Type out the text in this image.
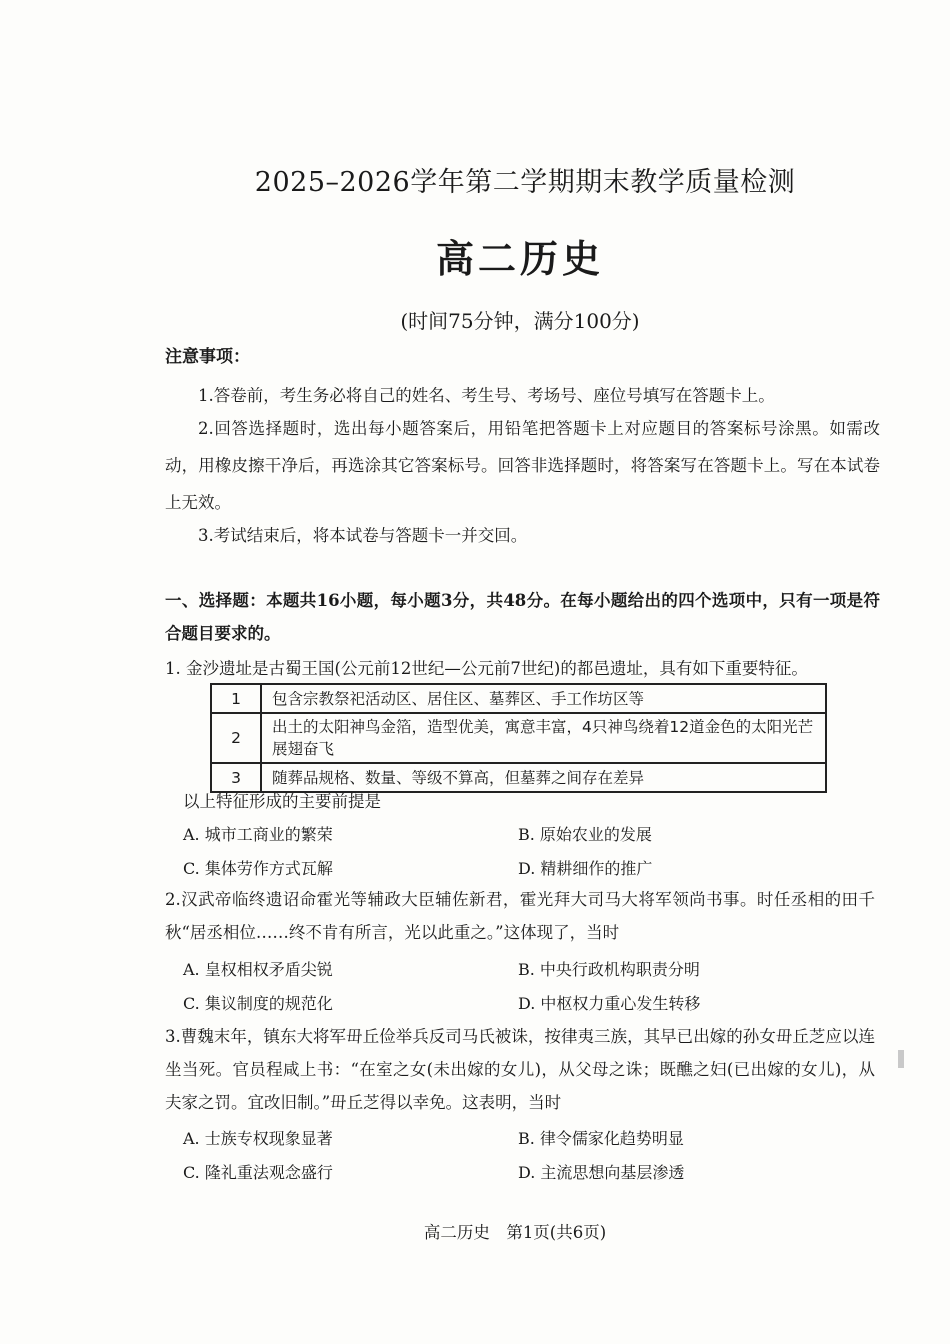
2025–2026学年第二学期期末教学质量检测
高二历史
(时间75分钟，满分100分)
注意事项：
1.答卷前，考生务必将自己的姓名、考生号、考场号、座位号填写在答题卡上。
2.回答选择题时，选出每小题答案后，用铅笔把答题卡上对应题目的答案标号涂黑。如需改动，用橡皮擦干净后，再选涂其它答案标号。回答非选择题时，将答案写在答题卡上。写在本试卷上无效。
3.考试结束后，将本试卷与答题卡一并交回。
一、选择题：本题共16小题，每小题3分，共48分。在每小题给出的四个选项中，只有一项是符合题目要求的。
1. 金沙遗址是古蜀王国(公元前12世纪—公元前7世纪)的都邑遗址，具有如下重要特征。
1	包含宗教祭祀活动区、居住区、墓葬区、手工作坊区等
2	出土的太阳神鸟金箔，造型优美，寓意丰富，4只神鸟绕着12道金色的太阳光芒展翅奋飞
3	随葬品规格、数量、等级不算高，但墓葬之间存在差异
以上特征形成的主要前提是
A. 城市工商业的繁荣	B. 原始农业的发展
C. 集体劳作方式瓦解	D. 精耕细作的推广
2.汉武帝临终遗诏命霍光等辅政大臣辅佐新君，霍光拜大司马大将军领尚书事。时任丞相的田千秋“居丞相位……终不肯有所言，光以此重之。”这体现了，当时
A. 皇权相权矛盾尖锐	B. 中央行政机构职责分明
C. 集议制度的规范化	D. 中枢权力重心发生转移
3.曹魏末年，镇东大将军毌丘俭举兵反司马氏被诛，按律夷三族，其早已出嫁的孙女毌丘芝应以连坐当死。官员程咸上书：“在室之女(未出嫁的女儿)，从父母之诛；既醮之妇(已出嫁的女儿)，从夫家之罚。宜改旧制。”毌丘芝得以幸免。这表明，当时
A. 士族专权现象显著	B. 律令儒家化趋势明显
C. 隆礼重法观念盛行	D. 主流思想向基层渗透
高二历史　第1页(共6页)
